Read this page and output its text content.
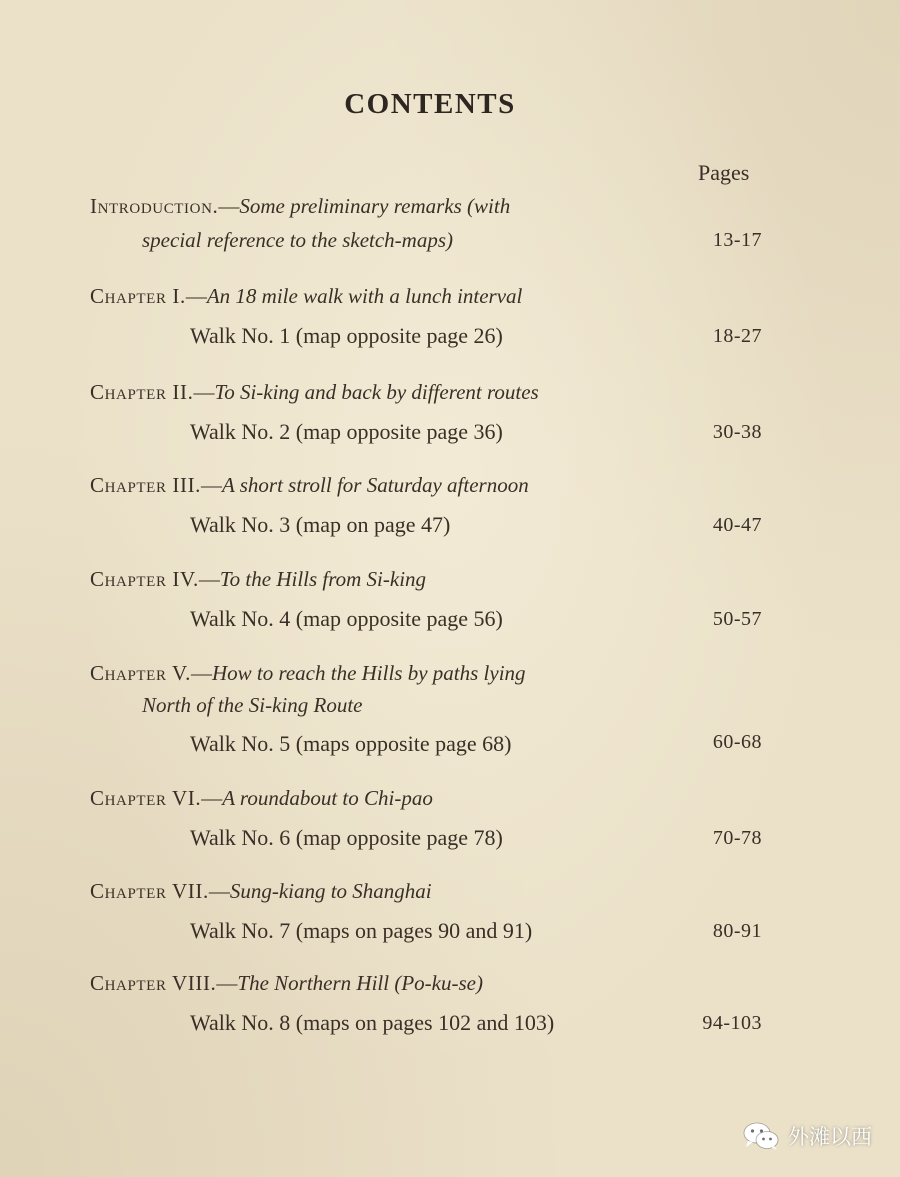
CONTENTS
Pages
Introduction.—Some preliminary remarks (with
special reference to the sketch-maps)	13-17
Chapter I.—An 18 mile walk with a lunch interval
Walk No. 1 (map opposite page 26)	18-27
Chapter II.—To Si-king and back by different routes
Walk No. 2 (map opposite page 36)	30-38
Chapter III.—A short stroll for Saturday afternoon
Walk No. 3 (map on page 47)	40-47
Chapter IV.—To the Hills from Si-king
Walk No. 4 (map opposite page 56)	50-57
Chapter V.—How to reach the Hills by paths lying
North of the Si-king Route
Walk No. 5 (maps opposite page 68)	60-68
Chapter VI.—A roundabout to Chi-pao
Walk No. 6 (map opposite page 78)	70-78
Chapter VII.—Sung-kiang to Shanghai
Walk No. 7 (maps on pages 90 and 91)	80-91
Chapter VIII.—The Northern Hill (Po-ku-se)
Walk No. 8 (maps on pages 102 and 103)	94-103
外滩以西
